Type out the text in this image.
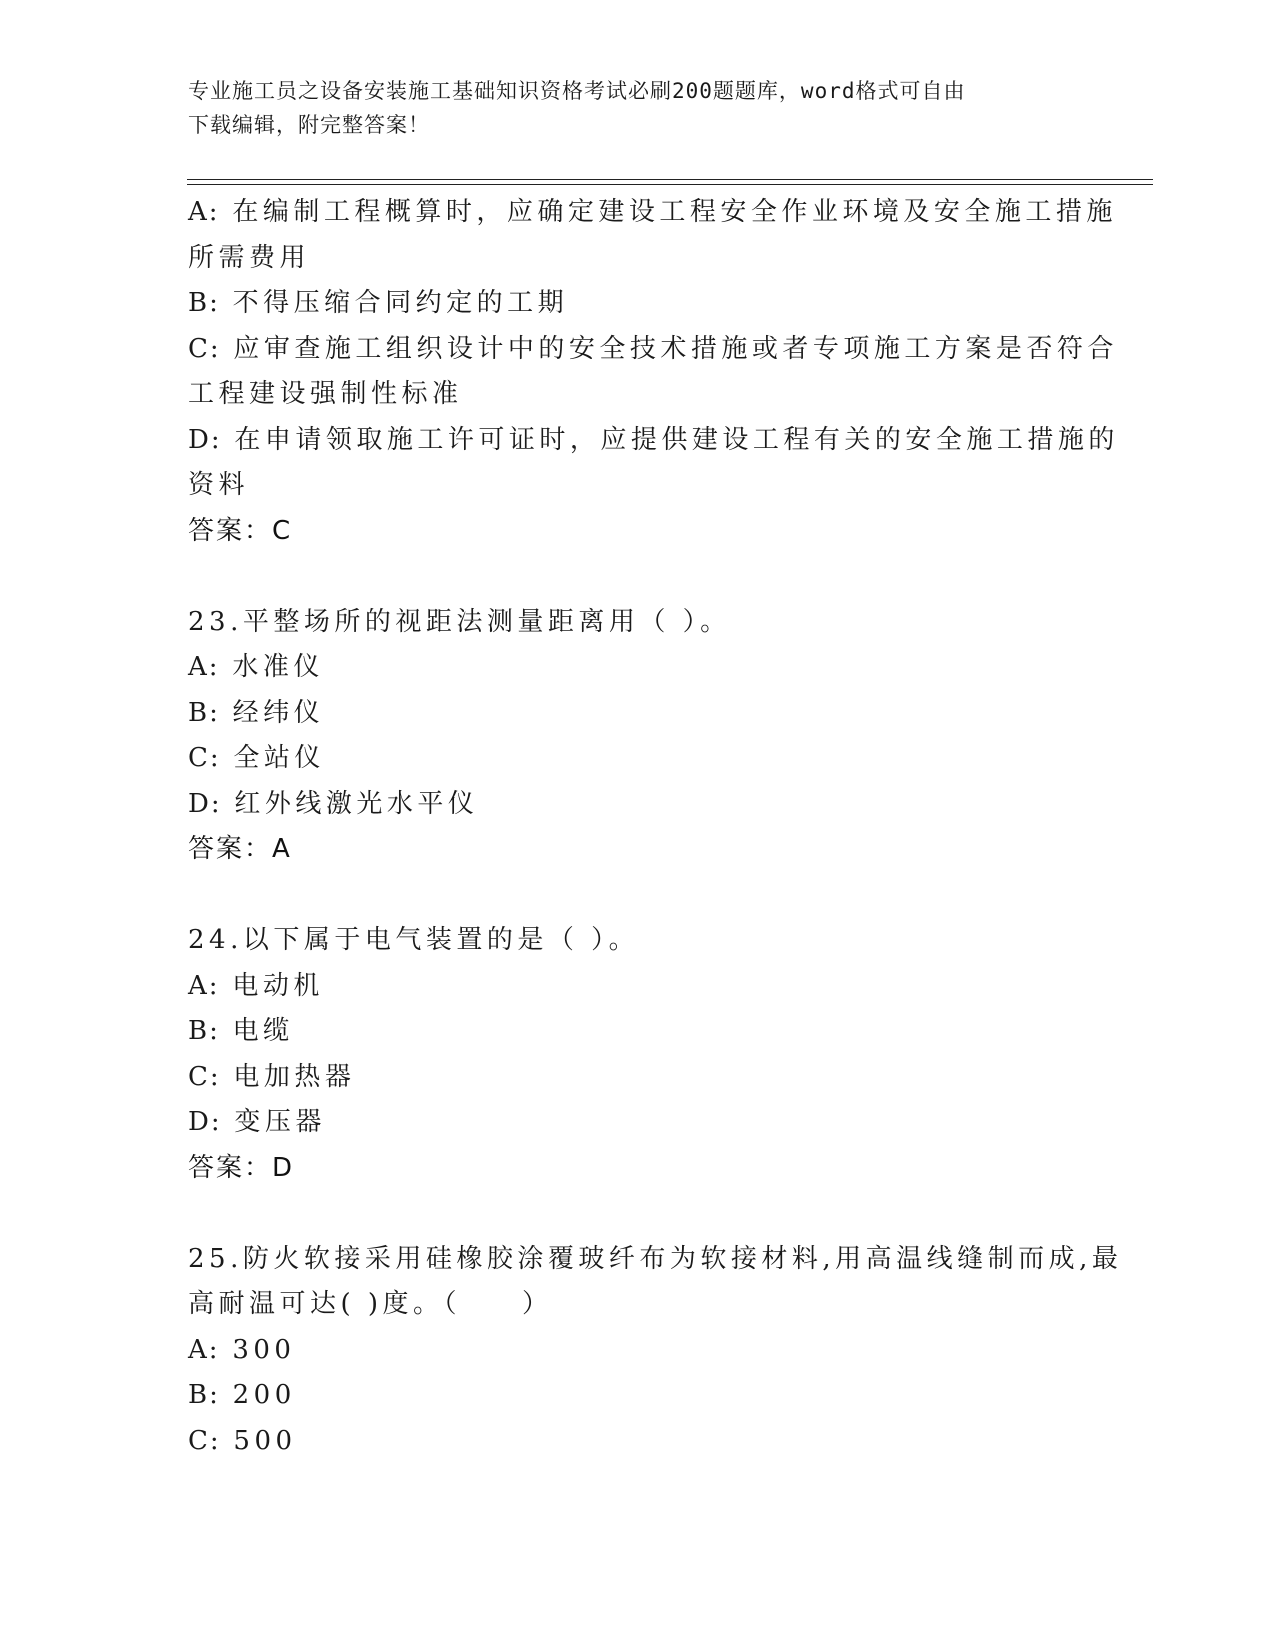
专业施工员之设备安装施工基础知识资格考试必刷200题题库，word格式可自由
下载编辑，附完整答案！
A: 在编制工程概算时，应确定建设工程安全作业环境及安全施工措施
所需费用
B: 不得压缩合同约定的工期
C: 应审查施工组织设计中的安全技术措施或者专项施工方案是否符合
工程建设强制性标准
D: 在申请领取施工许可证时，应提供建设工程有关的安全施工措施的
资料
答案：C
23.平整场所的视距法测量距离用（ ）。
A: 水准仪
B: 经纬仪
C: 全站仪
D: 红外线激光水平仪
答案：A
24.以下属于电气装置的是（ ）。
A: 电动机
B: 电缆
C: 电加热器
D: 变压器
答案：D
25.防火软接采用硅橡胶涂覆玻纤布为软接材料,用高温线缝制而成,最
高耐温可达( )度。（　　）
A: 300
B: 200
C: 500
